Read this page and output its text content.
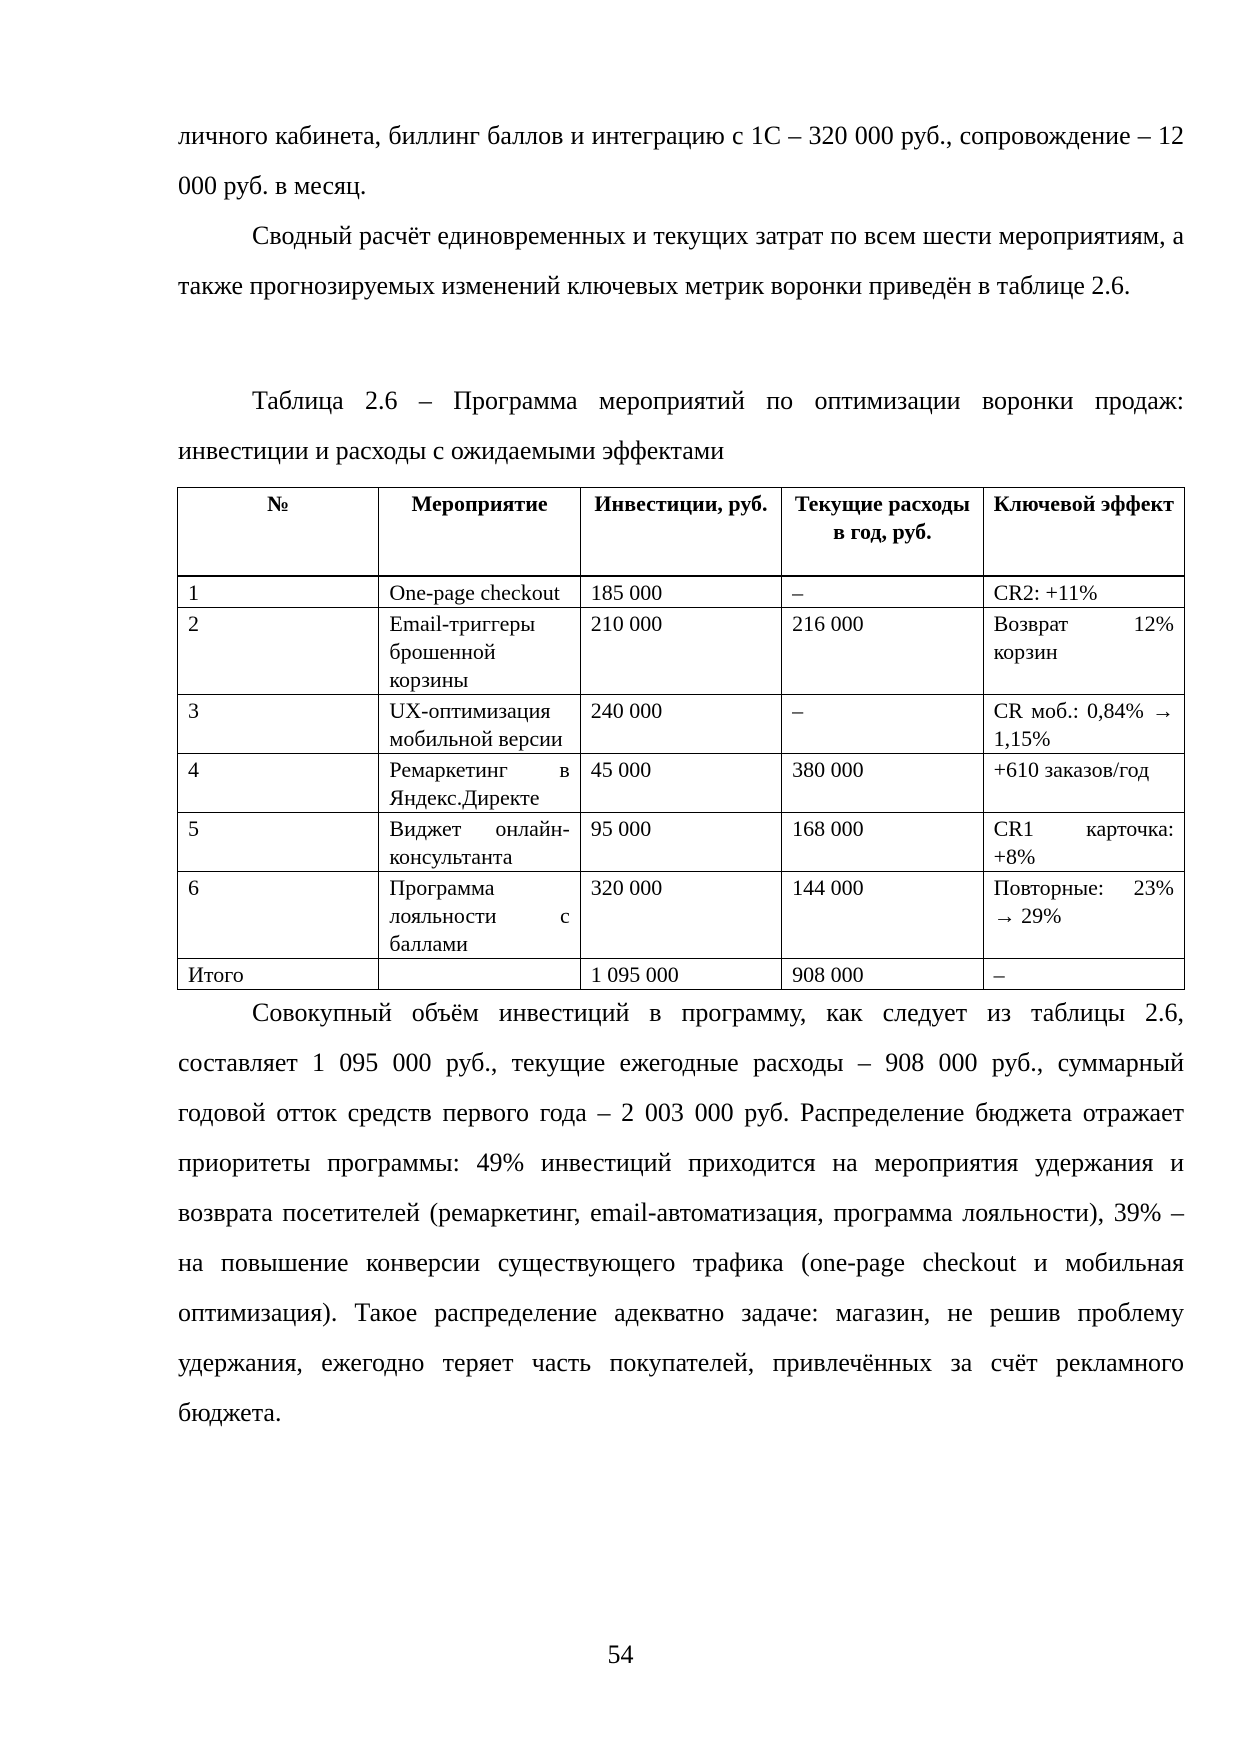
личного кабинета, биллинг баллов и интеграцию с 1С – 320 000 руб., сопровождение – 12 000 руб. в месяц.

Сводный расчёт единовременных и текущих затрат по всем шести мероприятиям, а также прогнозируемых изменений ключевых метрик воронки приведён в таблице 2.6.

Таблица 2.6 – Программа мероприятий по оптимизации воронки продаж: инвестиции и расходы с ожидаемыми эффектами

№	Мероприятие	Инвестиции, руб.	Текущие расходы в год, руб.	Ключевой эффект
1	One-page checkout	185 000	–	CR2: +11%
2	Email-триггеры брошенной корзины	210 000	216 000	Возврат 12% корзин
3	UX-оптимизация мобильной версии	240 000	–	CR моб.: 0,84% → 1,15%
4	Ремаркетинг в Яндекс.Директе	45 000	380 000	+610 заказов/год
5	Виджет онлайн-консультанта	95 000	168 000	CR1 карточка: +8%
6	Программа лояльности с баллами	320 000	144 000	Повторные: 23% → 29%
Итого		1 095 000	908 000	–

Совокупный объём инвестиций в программу, как следует из таблицы 2.6, составляет 1 095 000 руб., текущие ежегодные расходы – 908 000 руб., суммарный годовой отток средств первого года – 2 003 000 руб. Распределение бюджета отражает приоритеты программы: 49% инвестиций приходится на мероприятия удержания и возврата посетителей (ремаркетинг, email-автоматизация, программа лояльности), 39% – на повышение конверсии существующего трафика (one-page checkout и мобильная оптимизация). Такое распределение адекватно задаче: магазин, не решив проблему удержания, ежегодно теряет часть покупателей, привлечённых за счёт рекламного бюджета.

54
